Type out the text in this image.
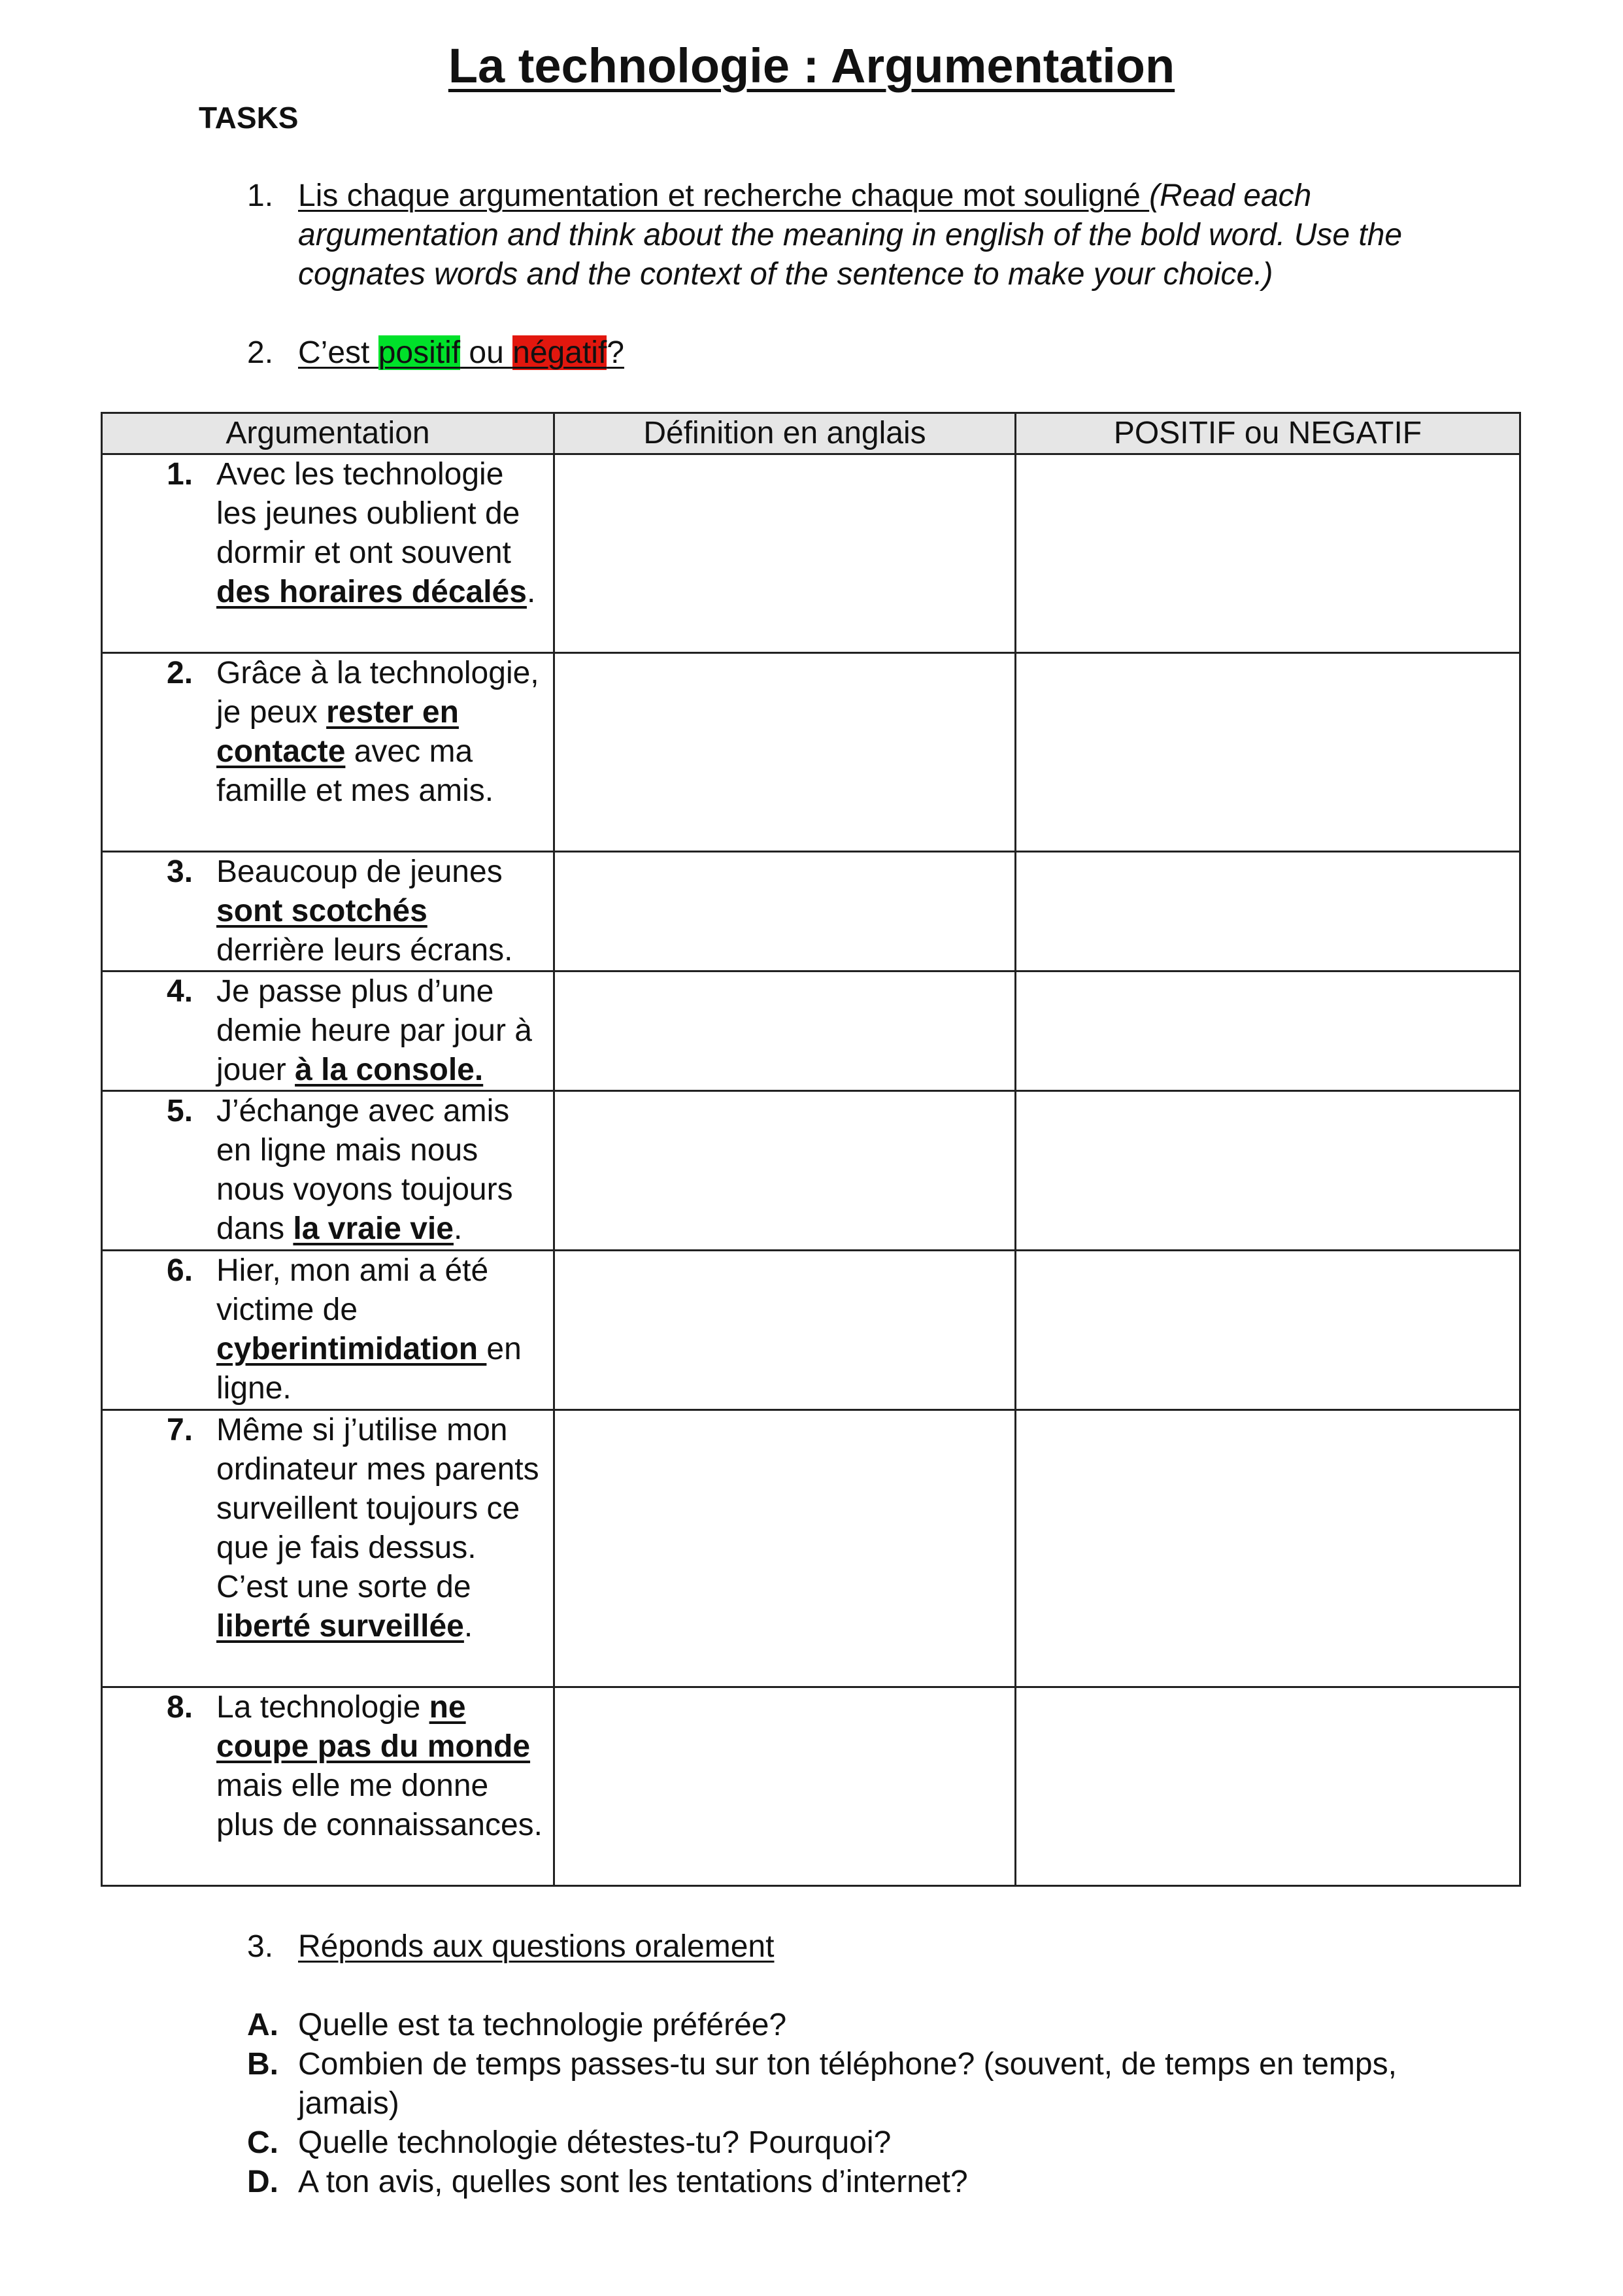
La technologie : Argumentation
TASKS
1. Lis chaque argumentation et recherche chaque mot souligné (Read each argumentation and think about the meaning in english of the bold word. Use the cognates words and the context of the sentence to make your choice.)
2. C’est positif ou négatif?
Argumentation	Définition en anglais	POSITIF ou NEGATIF

1. Avec les technologie les jeunes oublient de dormir et ont souvent des horaires décalés.		

2. Grâce à la technologie, je peux rester en contacte avec ma famille et mes amis.		

3. Beaucoup de jeunes sont scotchés derrière leurs écrans.		

4. Je passe plus d’une demie heure par jour à jouer à la console.		

5. J’échange avec amis en ligne mais nous nous voyons toujours dans la vraie vie.		

6. Hier, mon ami a été victime de cyberintimidation en ligne.		

7. Même si j’utilise mon ordinateur mes parents surveillent toujours ce que je fais dessus. C’est une sorte de liberté surveillée.		

8. La technologie ne coupe pas du monde mais elle me donne plus de connaissances.		

3. Réponds aux questions oralement
A. Quelle est ta technologie préférée?
B. Combien de temps passes-tu sur ton téléphone? (souvent, de temps en temps, jamais)
C. Quelle technologie détestes-tu? Pourquoi?
D. A ton avis, quelles sont les tentations d’internet?
